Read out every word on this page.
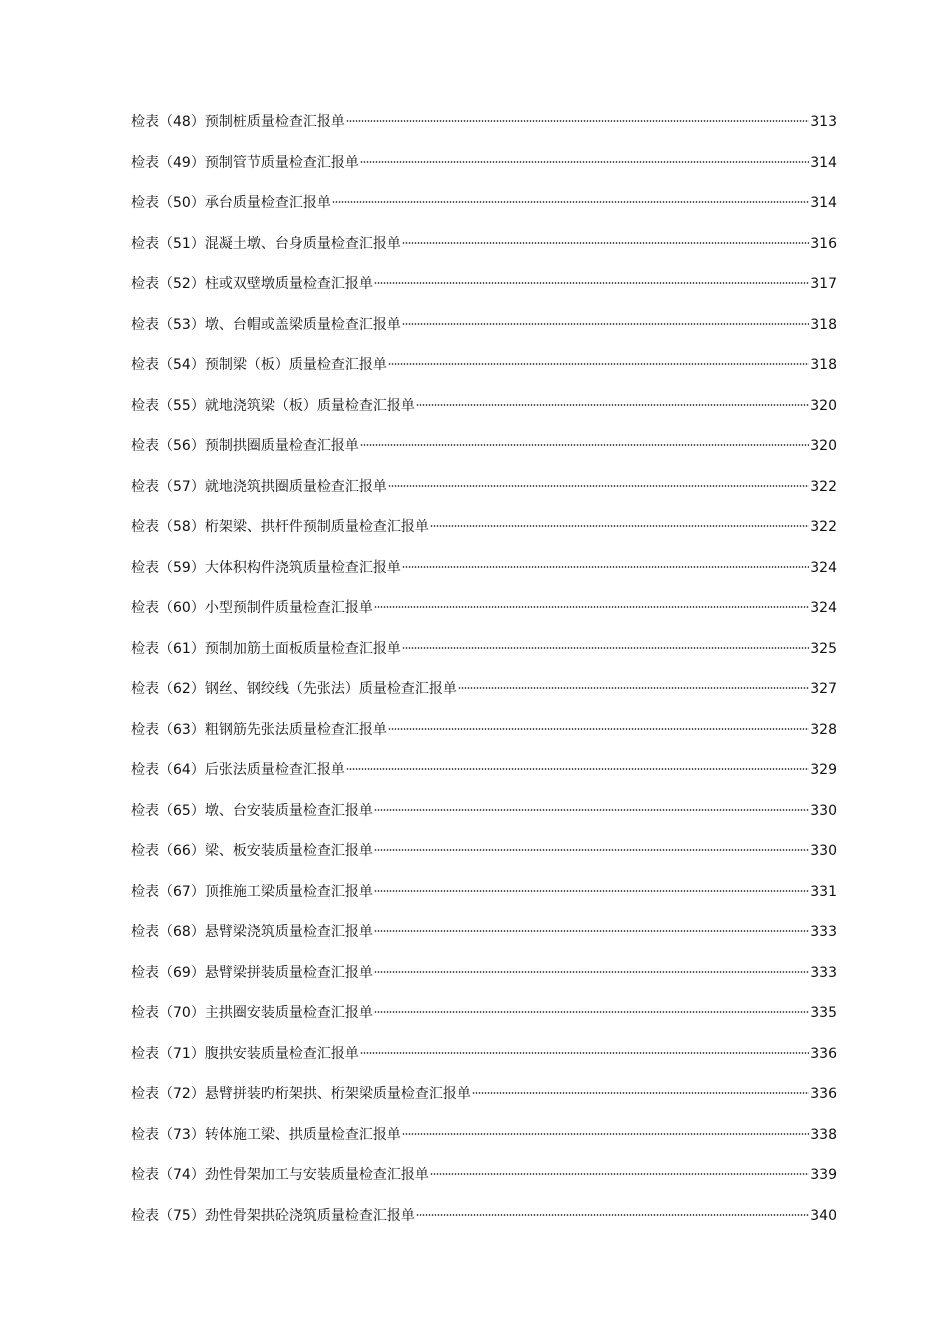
检表（48）预制桩质量检查汇报单	313
检表（49）预制管节质量检查汇报单	314
检表（50）承台质量检查汇报单	314
检表（51）混凝土墩、台身质量检查汇报单	316
检表（52）柱或双壁墩质量检查汇报单	317
检表（53）墩、台帽或盖梁质量检查汇报单	318
检表（54）预制梁（板）质量检查汇报单	318
检表（55）就地浇筑梁（板）质量检查汇报单	320
检表（56）预制拱圈质量检查汇报单	320
检表（57）就地浇筑拱圈质量检查汇报单	322
检表（58）桁架梁、拱杆件预制质量检查汇报单	322
检表（59）大体积构件浇筑质量检查汇报单	324
检表（60）小型预制件质量检查汇报单	324
检表（61）预制加筋土面板质量检查汇报单	325
检表（62）钢丝、钢绞线（先张法）质量检查汇报单	327
检表（63）粗钢筋先张法质量检查汇报单	328
检表（64）后张法质量检查汇报单	329
检表（65）墩、台安装质量检查汇报单	330
检表（66）梁、板安装质量检查汇报单	330
检表（67）顶推施工梁质量检查汇报单	331
检表（68）悬臂梁浇筑质量检查汇报单	333
检表（69）悬臂梁拼装质量检查汇报单	333
检表（70）主拱圈安装质量检查汇报单	335
检表（71）腹拱安装质量检查汇报单	336
检表（72）悬臂拼装旳桁架拱、桁架梁质量检查汇报单	336
检表（73）转体施工梁、拱质量检查汇报单	338
检表（74）劲性骨架加工与安装质量检查汇报单	339
检表（75）劲性骨架拱砼浇筑质量检查汇报单	340
